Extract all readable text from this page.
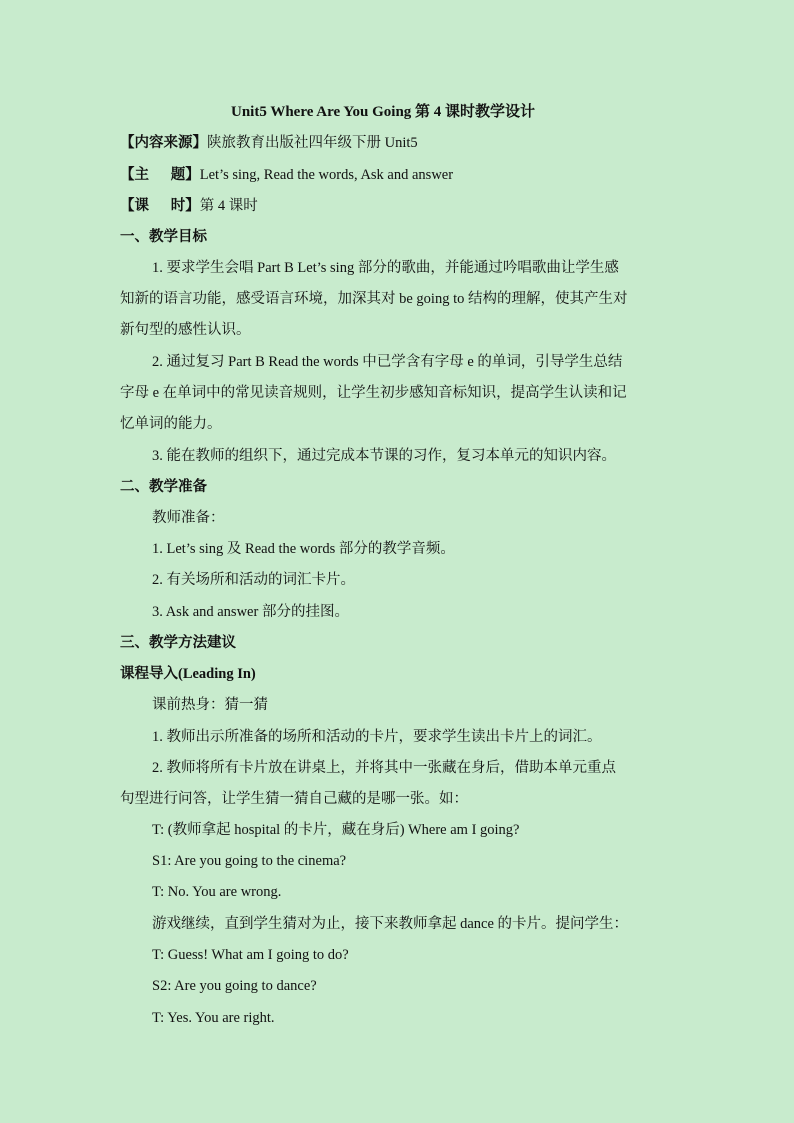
Unit5 Where Are You Going 第 4 课时教学设计
【内容来源】陕旅教育出版社四年级下册 Unit5
【主      题】Let’s sing, Read the words, Ask and answer
【课      时】第 4 课时
一、教学目标
1. 要求学生会唱 Part B Let’s sing 部分的歌曲，并能通过吟唱歌曲让学生感
知新的语言功能，感受语言环境，加深其对 be going to 结构的理解，使其产生对
新句型的感性认识。
2. 通过复习 Part B Read the words 中已学含有字母 e 的单词，引导学生总结
字母 e 在单词中的常见读音规则，让学生初步感知音标知识，提高学生认读和记
忆单词的能力。
3. 能在教师的组织下，通过完成本节课的习作，复习本单元的知识内容。
二、教学准备
教师准备：
1. Let’s sing 及 Read the words 部分的教学音频。
2. 有关场所和活动的词汇卡片。
3. Ask and answer 部分的挂图。
三、教学方法建议
课程导入(Leading In)
课前热身：猜一猜
1. 教师出示所准备的场所和活动的卡片，要求学生读出卡片上的词汇。
2. 教师将所有卡片放在讲桌上，并将其中一张藏在身后，借助本单元重点
句型进行问答，让学生猜一猜自己藏的是哪一张。如：
T: (教师拿起 hospital 的卡片，藏在身后) Where am I going?
S1: Are you going to the cinema?
T: No. You are wrong.
游戏继续，直到学生猜对为止，接下来教师拿起 dance 的卡片。提问学生：
T: Guess! What am I going to do?
S2: Are you going to dance?
T: Yes. You are right.
